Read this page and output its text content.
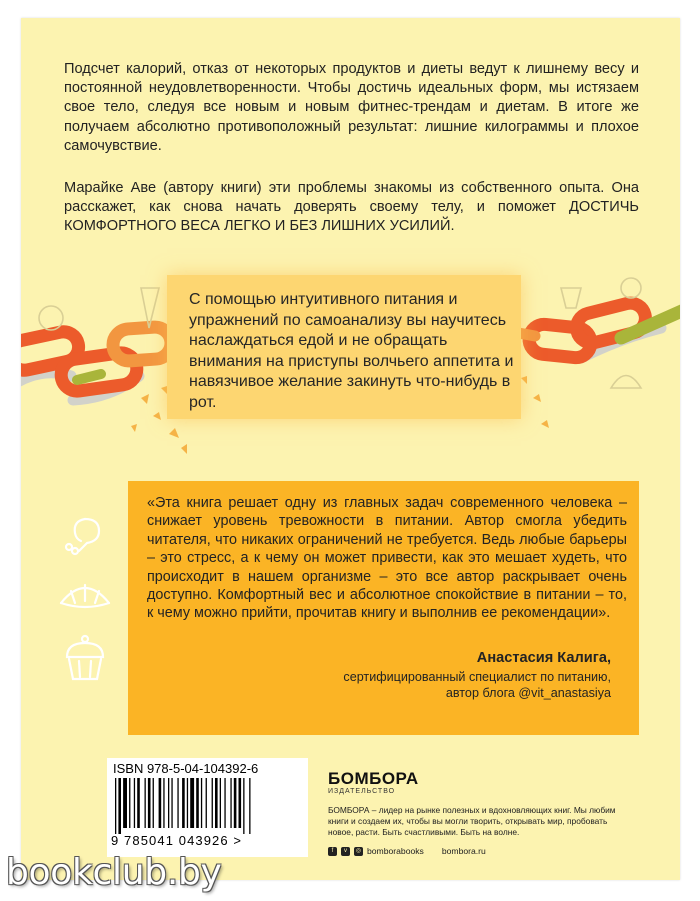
Подсчет калорий, отказ от некоторых продуктов и диеты ведут к лишнему весу и постоянной неудовлетворенности. Чтобы достичь идеальных форм, мы истязаем свое тело, следуя все новым и новым фитнес-трендам и диетам. В итоге же получаем абсолютно противоположный результат: лишние килограммы и плохое самочувствие.

Марайке Аве (автору книги) эти проблемы знакомы из собственного опыта. Она расскажет, как снова начать доверять своему телу, и поможет ДОСТИЧЬ КОМФОРТНОГО ВЕСА ЛЕГКО И БЕЗ ЛИШНИХ УСИЛИЙ.

С помощью интуитивного питания и упражнений по самоанализу вы научитесь наслаждаться едой и не обращать внимания на приступы волчьего аппетита и навязчивое желание закинуть что-нибудь в рот.

«Эта книга решает одну из главных задач современного человека – снижает уровень тревожности в питании. Автор смогла убедить читателя, что никаких ограничений не требуется. Ведь любые барьеры – это стресс, а к чему он может привести, как это мешает худеть, что происходит в нашем организме – это все автор раскрывает очень доступно. Комфортный вес и абсолютное спокойствие в питании – то, к чему можно прийти, прочитав книгу и выполнив ее рекомендации».

Анастасия Калига,
сертифицированный специалист по питанию,
автор блога @vit_anastasiya
ISBN 978-5-04-104392-6
9 785041 043926 >
БОМБОРА
ИЗДАТЕЛЬСТВО
БОМБОРА – лидер на рынке полезных и вдохновляющих книг. Мы любим книги и создаем их, чтобы вы могли творить, открывать мир, пробовать новое, расти. Быть счастливыми. Быть на волне.
f	v	◎ bomborabooks bombora.ru
bookclub.by
